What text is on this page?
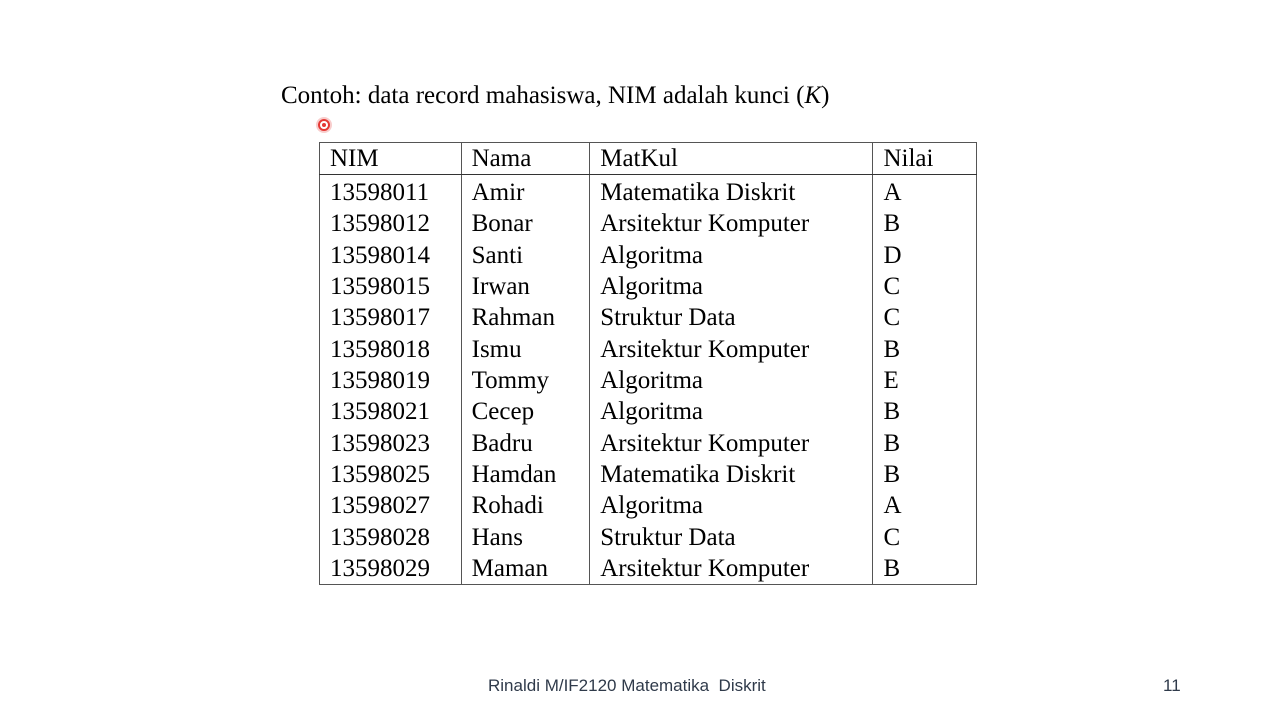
Contoh: data record mahasiswa, NIM adalah kunci (K)
NIM	Nama	MatKul	Nilai
13598011	Amir	Matematika Diskrit	A
13598012	Bonar	Arsitektur Komputer	B
13598014	Santi	Algoritma	D
13598015	Irwan	Algoritma	C
13598017	Rahman	Struktur Data	C
13598018	Ismu	Arsitektur Komputer	B
13598019	Tommy	Algoritma	E
13598021	Cecep	Algoritma	B
13598023	Badru	Arsitektur Komputer	B
13598025	Hamdan	Matematika Diskrit	B
13598027	Rohadi	Algoritma	A
13598028	Hans	Struktur Data	C
13598029	Maman	Arsitektur Komputer	B
Rinaldi M/IF2120 Matematika  Diskrit	11
